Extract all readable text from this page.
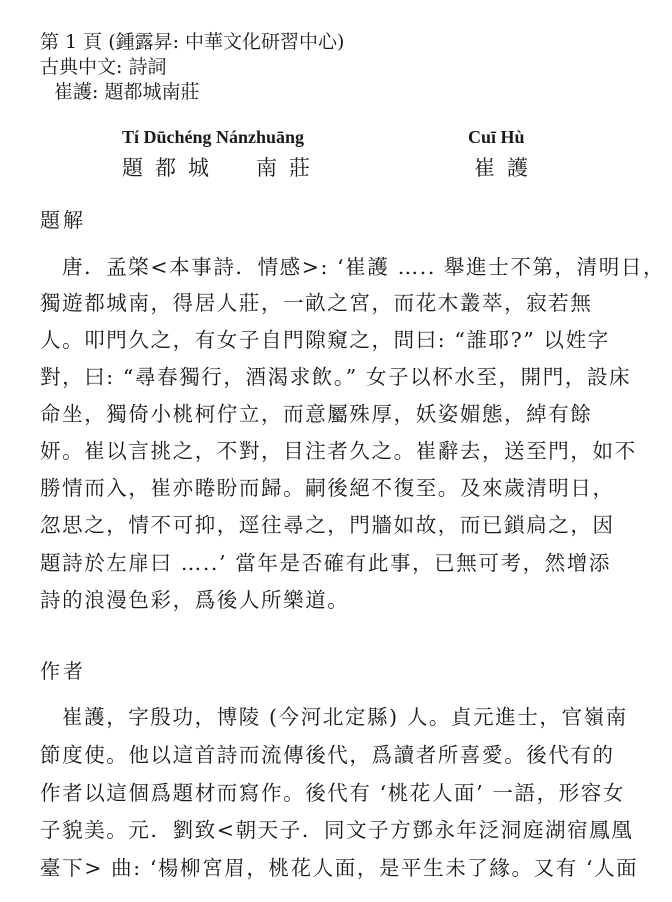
第 1 頁 (鍾露昇: 中華文化研習中心)
古典中文: 詩詞
崔護: 題都城南莊
Tí Dūchéng Nánzhuāng	Cuī Hù
題都城 南莊	崔護
題解
唐．孟棨<本事詩．情感>: ‘崔護 ….. 舉進士不第，清明日，
獨遊都城南，得居人莊，一畝之宮，而花木叢萃，寂若無
人。叩門久之，有女子自門隙窺之，問曰: “誰耶?” 以姓字
對，曰: “尋春獨行，酒渴求飲。” 女子以杯水至，開門，設床
命坐，獨倚小桃柯佇立，而意屬殊厚，妖姿媚態，綽有餘
妍。崔以言挑之，不對，目注者久之。崔辭去，送至門，如不
勝情而入，崔亦睠盼而歸。嗣後絕不復至。及來歲清明日，
忽思之，情不可抑，逕往尋之，門牆如故，而已鎖扃之，因
題詩於左扉曰 …..’ 當年是否確有此事，已無可考，然增添
詩的浪漫色彩，爲後人所樂道。
作者
崔護，字殷功，博陵 (今河北定縣) 人。貞元進士，官嶺南
節度使。他以這首詩而流傳後代，爲讀者所喜愛。後代有的
作者以這個爲題材而寫作。後代有 ‘桃花人面’ 一語，形容女
子貌美。元．劉致<朝天子．同文子方鄧永年泛洞庭湖宿鳳凰
臺下> 曲: ‘楊柳宮眉，桃花人面，是平生未了緣。又有 ‘人面
